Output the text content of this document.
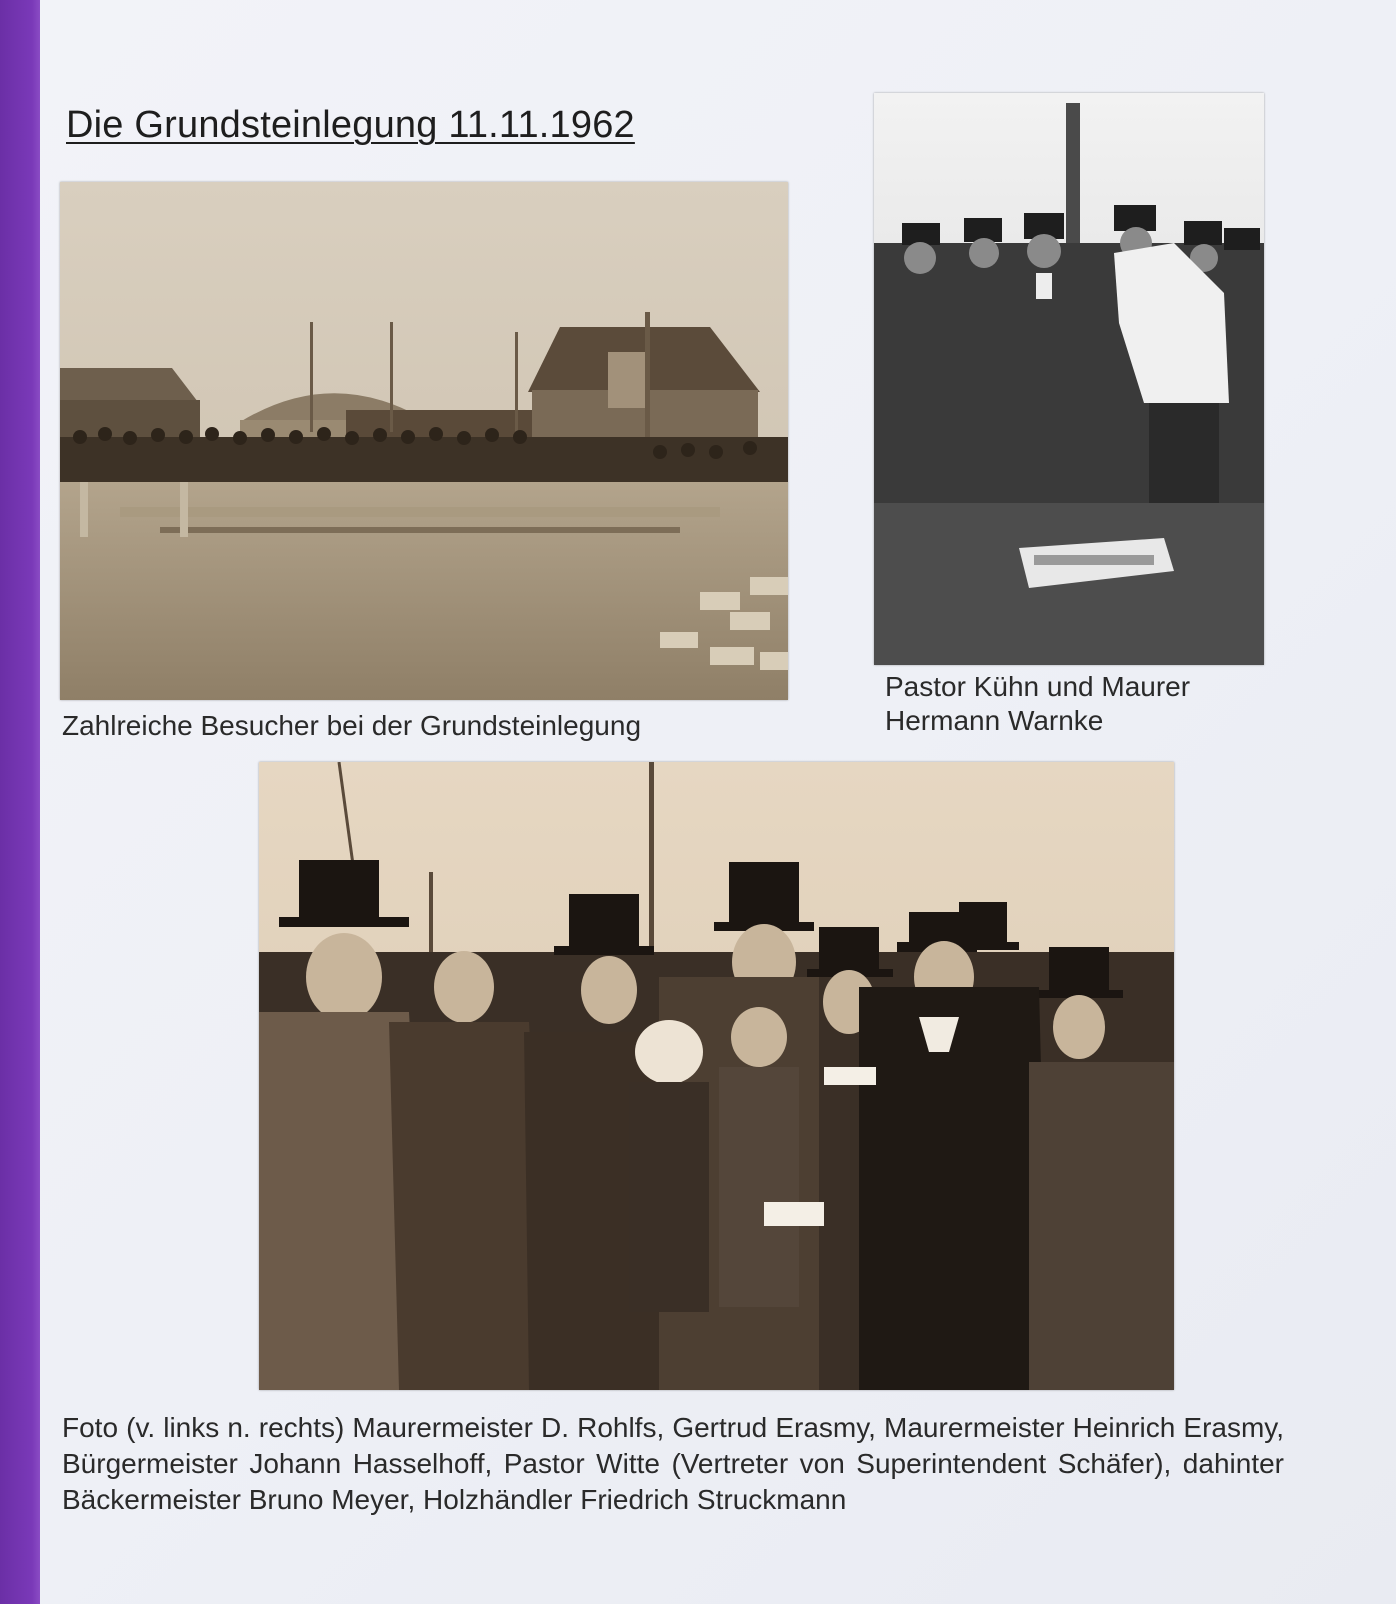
Die Grundsteinlegung 11.11.1962
Zahlreiche Besucher bei der Grundsteinlegung
Pastor Kühn und Maurer Hermann Warnke
Foto (v. links n. rechts) Maurermeister D. Rohlfs, Gertrud Erasmy, Maurermeister Heinrich Erasmy, Bürgermeister Johann Hasselhoff, Pastor Witte (Vertreter von Superintendent Schäfer), dahinter Bäckermeister Bruno Meyer, Holzhändler Friedrich Struckmann
